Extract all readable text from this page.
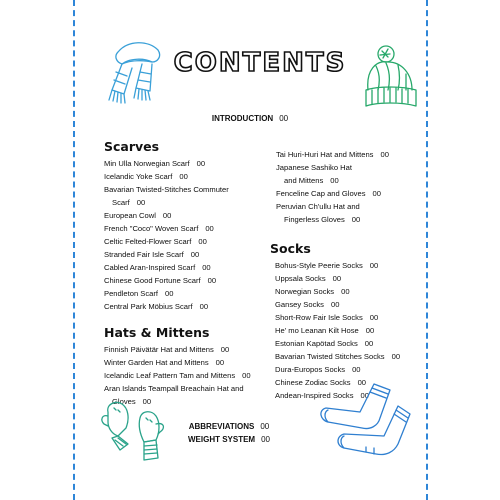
CONTENTS
INTRODUCTION 00
Scarves
Min Ulla Norwegian Scarf 00
Icelandic Yoke Scarf 00
Bavarian Twisted-Stitches Commuter
Scarf 00
European Cowl 00
French "Coco" Woven Scarf 00
Celtic Felted-Flower Scarf 00
Stranded Fair Isle Scarf 00
Cabled Aran-Inspired Scarf 00
Chinese Good Fortune Scarf 00
Pendleton Scarf 00
Central Park Möbius Scarf 00
Hats & Mittens
Finnish Päivätär Hat and Mittens 00
Winter Garden Hat and Mittens 00
Icelandic Leaf Pattern Tam and Mittens 00
Aran Islands Teampall Breachain Hat and
Gloves 00
Tai Huri-Huri Hat and Mittens 00
Japanese Sashiko Hat
and Mittens 00
Fenceline Cap and Gloves 00
Peruvian Ch'ullu Hat and
Fingerless Gloves 00
Socks
Bohus-Style Peerie Socks 00
Uppsala Socks 00
Norwegian Socks 00
Gansey Socks 00
Short-Row Fair Isle Socks 00
He' mo Leanan Kilt Hose 00
Estonian Kapötad Socks 00
Bavarian Twisted Stitches Socks 00
Dura-Europos Socks 00
Chinese Zodiac Socks 00
Andean-Inspired Socks 00
ABBREVIATIONS 00
WEIGHT SYSTEM 00
